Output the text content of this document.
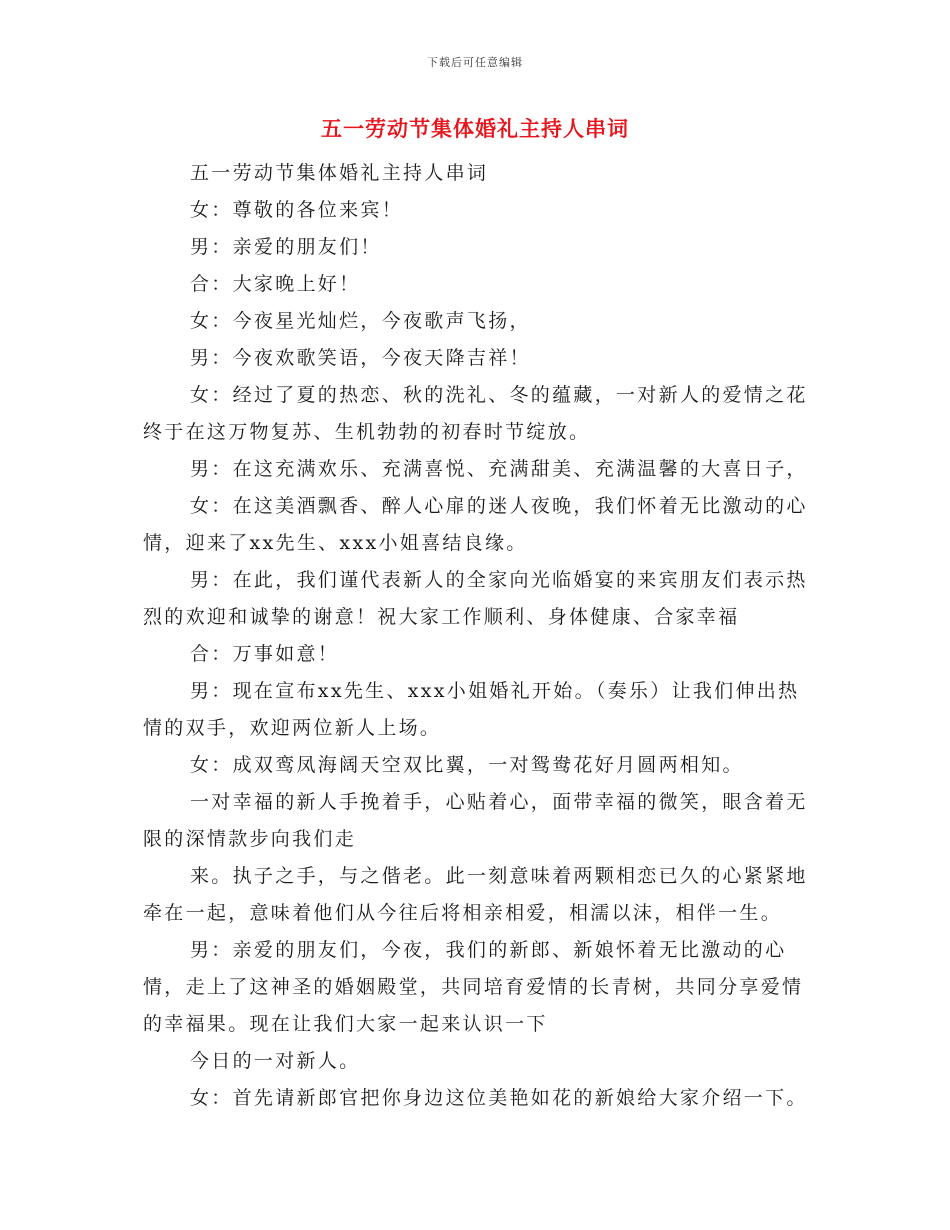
下载后可任意编辑
五一劳动节集体婚礼主持人串词

五一劳动节集体婚礼主持人串词

女：尊敬的各位来宾！

男：亲爱的朋友们！

合：大家晚上好！

女：今夜星光灿烂，今夜歌声飞扬，

男：今夜欢歌笑语，今夜天降吉祥！

女：经过了夏的热恋、秋的洗礼、冬的蕴藏，一对新人的爱情之花终于在这万物复苏、生机勃勃的初春时节绽放。

男：在这充满欢乐、充满喜悦、充满甜美、充满温馨的大喜日子，

女：在这美酒飘香、醉人心扉的迷人夜晚，我们怀着无比激动的心情，迎来了xx先生、xxx小姐喜结良缘。

男：在此，我们谨代表新人的全家向光临婚宴的来宾朋友们表示热烈的欢迎和诚挚的谢意！祝大家工作顺利、身体健康、合家幸福

合：万事如意！

男：现在宣布xx先生、xxx小姐婚礼开始。（奏乐）让我们伸出热情的双手，欢迎两位新人上场。

女：成双鸾凤海阔天空双比翼，一对鸳鸯花好月圆两相知。

一对幸福的新人手挽着手，心贴着心，面带幸福的微笑，眼含着无限的深情款步向我们走

来。执子之手，与之偕老。此一刻意味着两颗相恋已久的心紧紧地牵在一起，意味着他们从今往后将相亲相爱，相濡以沫，相伴一生。

男：亲爱的朋友们，今夜，我们的新郎、新娘怀着无比激动的心情，走上了这神圣的婚姻殿堂，共同培育爱情的长青树，共同分享爱情的幸福果。现在让我们大家一起来认识一下

今日的一对新人。

女：首先请新郎官把你身边这位美艳如花的新娘给大家介绍一下。
